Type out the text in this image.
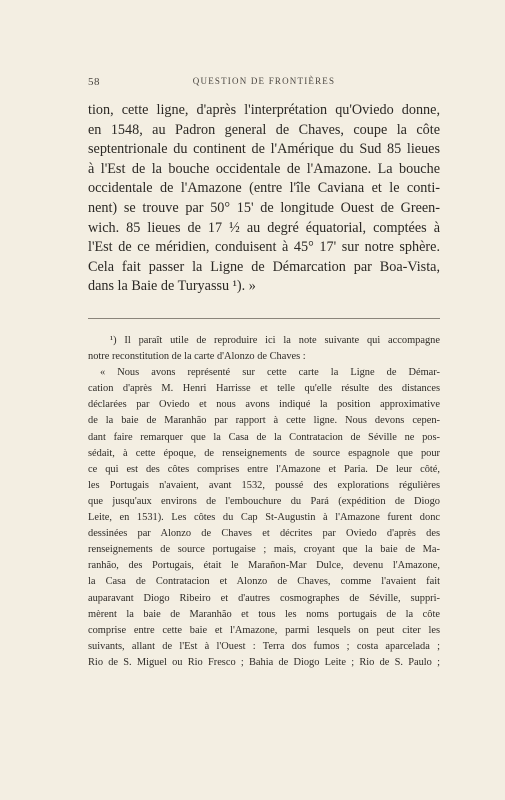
58	QUESTION DE FRONTIÈRES
tion, cette ligne, d'après l'interprétation qu'Oviedo donne,
en 1548, au Padron general de Chaves, coupe la côte
septentrionale du continent de l'Amérique du Sud 85 lieues
à l'Est de la bouche occidentale de l'Amazone. La bouche
occidentale de l'Amazone (entre l'île Caviana et le conti-
nent) se trouve par 50° 15' de longitude Ouest de Green-
wich. 85 lieues de 17 ½ au degré équatorial, comptées à
l'Est de ce méridien, conduisent à 45° 17' sur notre sphère.
Cela fait passer la Ligne de Démarcation par Boa-Vista,
dans la Baie de Turyassu ¹). »
¹) Il paraît utile de reproduire ici la note suivante qui accompagne
notre reconstitution de la carte d'Alonzo de Chaves :
« Nous avons représenté sur cette carte la Ligne de Démar-
cation d'après M. Henri Harrisse et telle qu'elle résulte des distances
déclarées par Oviedo et nous avons indiqué la position approximative
de la baie de Maranhão par rapport à cette ligne. Nous devons cepen-
dant faire remarquer que la Casa de la Contratacion de Séville ne pos-
sédait, à cette époque, de renseignements de source espagnole que pour
ce qui est des côtes comprises entre l'Amazone et Paria. De leur côté,
les Portugais n'avaient, avant 1532, poussé des explorations régulières
que jusqu'aux environs de l'embouchure du Pará (expédition de Diogo
Leite, en 1531). Les côtes du Cap St-Augustin à l'Amazone furent donc
dessinées par Alonzo de Chaves et décrites par Oviedo d'après des
renseignements de source portugaise ; mais, croyant que la baie de Ma-
ranhão, des Portugais, était le Marañon-Mar Dulce, devenu l'Amazone,
la Casa de Contratacion et Alonzo de Chaves, comme l'avaient fait
auparavant Diogo Ribeiro et d'autres cosmographes de Séville, suppri-
mèrent la baie de Maranhão et tous les noms portugais de la côte
comprise entre cette baie et l'Amazone, parmi lesquels on peut citer les
suivants, allant de l'Est à l'Ouest : Terra dos fumos ; costa aparcelada ;
Rio de S. Miguel ou Rio Fresco ; Bahia de Diogo Leite ; Rio de S. Paulo ;
